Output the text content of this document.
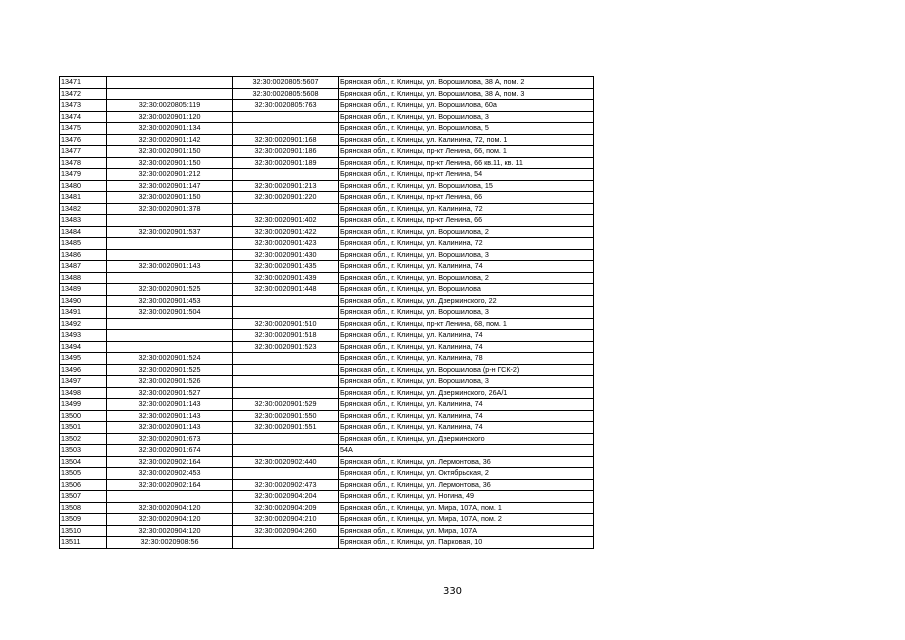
13471		32:30:0020805:5607	Брянская обл., г. Клинцы, ул. Ворошилова, 38 А, пом. 2
13472		32:30:0020805:5608	Брянская обл., г. Клинцы, ул. Ворошилова, 38 А, пом. 3
13473	32:30:0020805:119	32:30:0020805:763	Брянская обл., г. Клинцы, ул. Ворошилова, 60а
13474	32:30:0020901:120		Брянская обл., г. Клинцы, ул. Ворошилова, 3
13475	32:30:0020901:134		Брянская обл., г. Клинцы, ул. Ворошилова, 5
13476	32:30:0020901:142	32:30:0020901:168	Брянская обл., г. Клинцы, ул. Калинина, 72, пом. 1
13477	32:30:0020901:150	32:30:0020901:186	Брянская обл., г. Клинцы, пр-кт Ленина, 66, пом. 1
13478	32:30:0020901:150	32:30:0020901:189	Брянская обл., г. Клинцы, пр-кт Ленина, 66 кв.11, кв. 11
13479	32:30:0020901:212		Брянская обл., г. Клинцы, пр-кт Ленина, 54
13480	32:30:0020901:147	32:30:0020901:213	Брянская обл., г. Клинцы, ул. Ворошилова, 15
13481	32:30:0020901:150	32:30:0020901:220	Брянская обл., г. Клинцы, пр-кт Ленина, 66
13482	32:30:0020901:378		Брянская обл., г. Клинцы, ул. Калинина, 72
13483		32:30:0020901:402	Брянская обл., г. Клинцы, пр-кт Ленина, 66
13484	32:30:0020901:537	32:30:0020901:422	Брянская обл., г. Клинцы, ул. Ворошилова, 2
13485		32:30:0020901:423	Брянская обл., г. Клинцы, ул. Калинина, 72
13486		32:30:0020901:430	Брянская обл., г. Клинцы, ул. Ворошилова, 3
13487	32:30:0020901:143	32:30:0020901:435	Брянская обл., г. Клинцы, ул. Калинина, 74
13488		32:30:0020901:439	Брянская обл., г. Клинцы, ул. Ворошилова, 2
13489	32:30:0020901:525	32:30:0020901:448	Брянская обл., г. Клинцы, ул. Ворошилова
13490	32:30:0020901:453		Брянская обл., г. Клинцы, ул. Дзержинского, 22
13491	32:30:0020901:504		Брянская обл., г. Клинцы, ул. Ворошилова, 3
13492		32:30:0020901:510	Брянская обл., г. Клинцы, пр-кт Ленина, 68, пом. 1
13493		32:30:0020901:518	Брянская обл., г. Клинцы, ул. Калинина, 74
13494		32:30:0020901:523	Брянская обл., г. Клинцы, ул. Калинина, 74
13495	32:30:0020901:524		Брянская обл., г. Клинцы, ул. Калинина, 78
13496	32:30:0020901:525		Брянская обл., г. Клинцы, ул. Ворошилова (р-н ГСК-2)
13497	32:30:0020901:526		Брянская обл., г. Клинцы, ул. Ворошилова, 3
13498	32:30:0020901:527		Брянская обл., г. Клинцы, ул. Дзержинского, 26А/1
13499	32:30:0020901:143	32:30:0020901:529	Брянская обл., г. Клинцы, ул. Калинина, 74
13500	32:30:0020901:143	32:30:0020901:550	Брянская обл., г. Клинцы, ул. Калинина, 74
13501	32:30:0020901:143	32:30:0020901:551	Брянская обл., г. Клинцы, ул. Калинина, 74
13502	32:30:0020901:673		Брянская обл., г. Клинцы, ул. Дзержинского
13503	32:30:0020901:674		54А
13504	32:30:0020902:164	32:30:0020902:440	Брянская обл., г. Клинцы, ул. Лермонтова, 36
13505	32:30:0020902:453		Брянская обл., г. Клинцы, ул. Октябрьская, 2
13506	32:30:0020902:164	32:30:0020902:473	Брянская обл., г. Клинцы, ул. Лермонтова, 36
13507		32:30:0020904:204	Брянская обл., г. Клинцы, ул. Ногина, 49
13508	32:30:0020904:120	32:30:0020904:209	Брянская обл., г. Клинцы, ул. Мира, 107А, пом. 1
13509	32:30:0020904:120	32:30:0020904:210	Брянская обл., г. Клинцы, ул. Мира, 107А, пом. 2
13510	32:30:0020904:120	32:30:0020904:260	Брянская обл., г. Клинцы, ул. Мира, 107А
13511	32:30:0020908:56		Брянская обл., г. Клинцы, ул. Парковая, 10
330
